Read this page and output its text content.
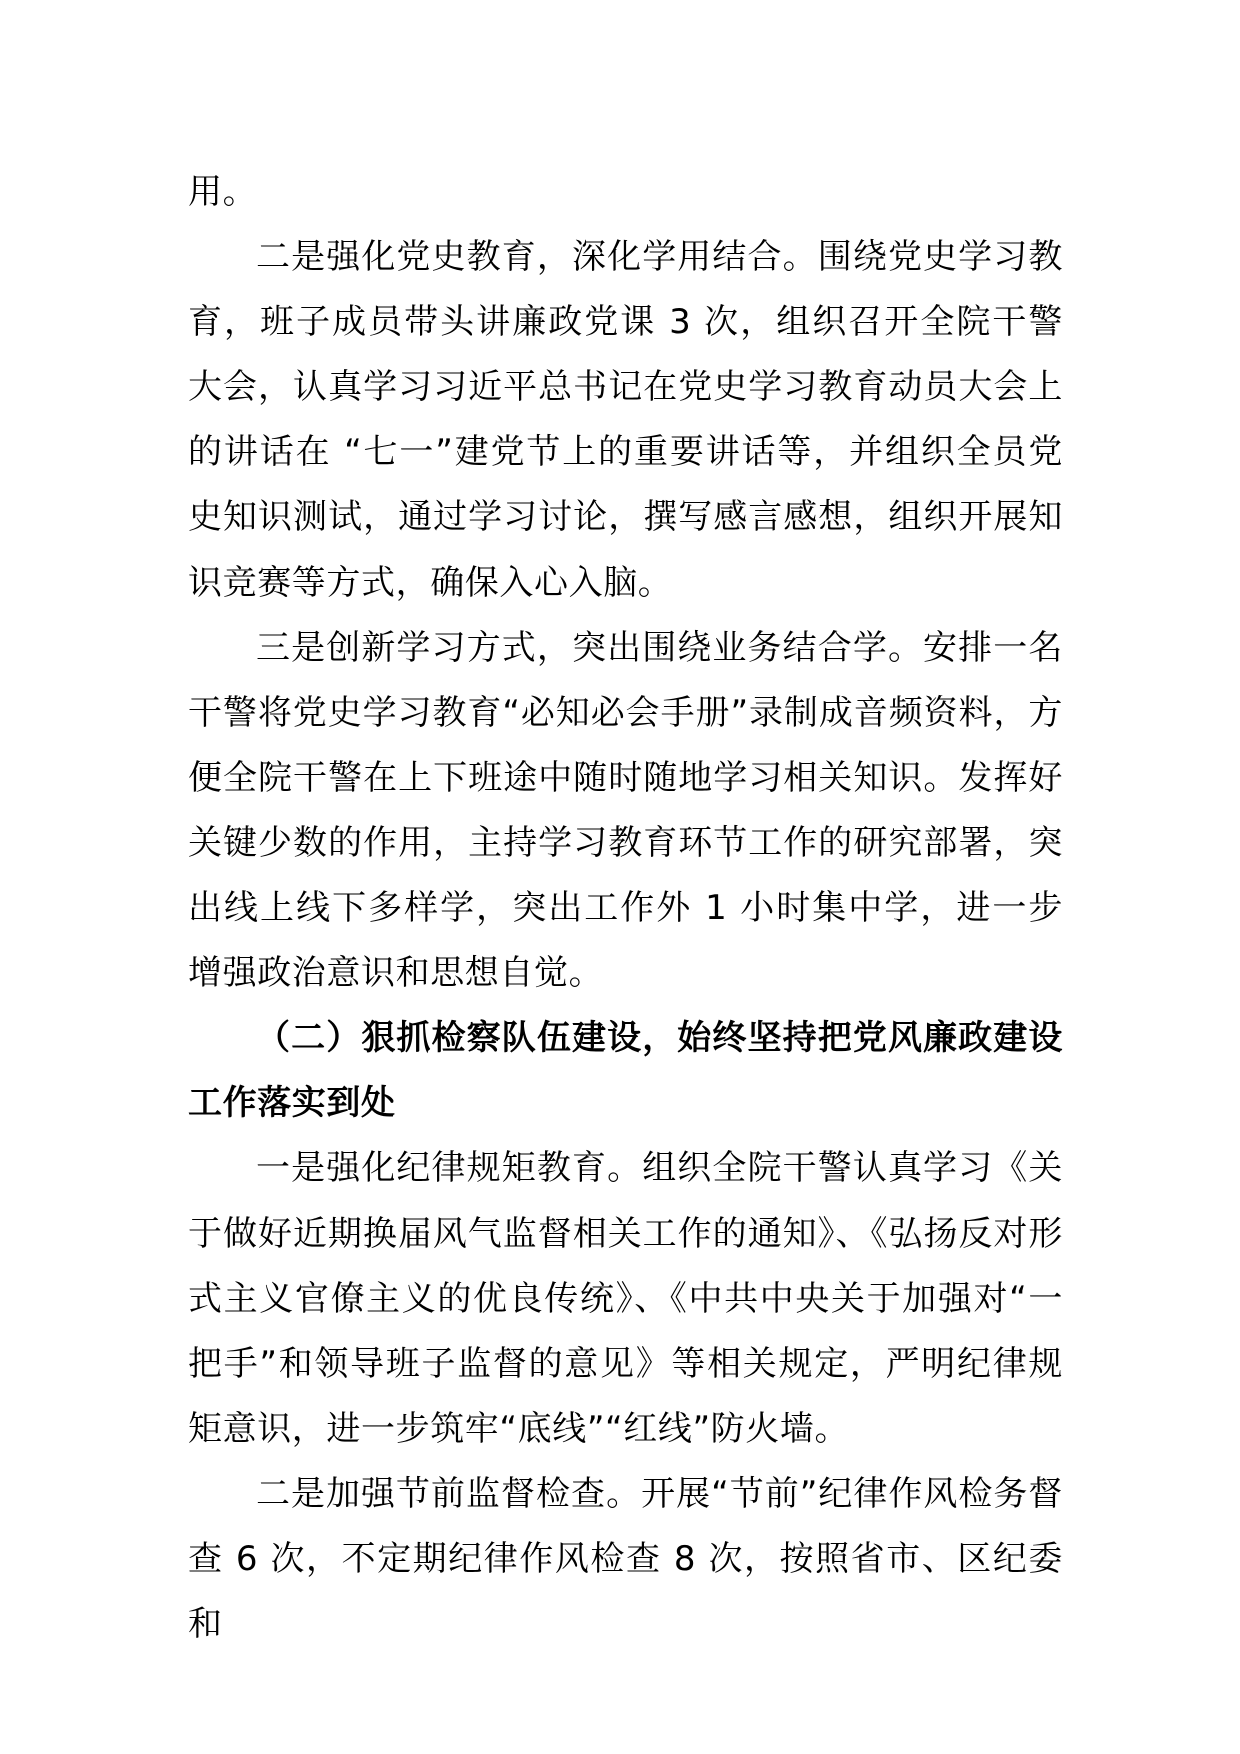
用。

二是强化党史教育，深化学用结合。围绕党史学习教育，班子成员带头讲廉政党课 3 次，组织召开全院干警大会，认真学习习近平总书记在党史学习教育动员大会上的讲话在 “七一”建党节上的重要讲话等，并组织全员党史知识测试，通过学习讨论，撰写感言感想，组织开展知识竞赛等方式，确保入心入脑。

三是创新学习方式，突出围绕业务结合学。安排一名干警将党史学习教育“必知必会手册”录制成音频资料，方便全院干警在上下班途中随时随地学习相关知识。发挥好关键少数的作用，主持学习教育环节工作的研究部署，突出线上线下多样学，突出工作外 1 小时集中学，进一步增强政治意识和思想自觉。

（二）狠抓检察队伍建设，始终坚持把党风廉政建设工作落实到处

一是强化纪律规矩教育。组织全院干警认真学习《关于做好近期换届风气监督相关工作的通知》、《弘扬反对形式主义官僚主义的优良传统》、《中共中央关于加强对“一把手”和领导班子监督的意见》等相关规定，严明纪律规矩意识，进一步筑牢“底线”“红线”防火墙。

二是加强节前监督检查。开展“节前”纪律作风检务督查 6 次，不定期纪律作风检查 8 次，按照省市、区纪委和
